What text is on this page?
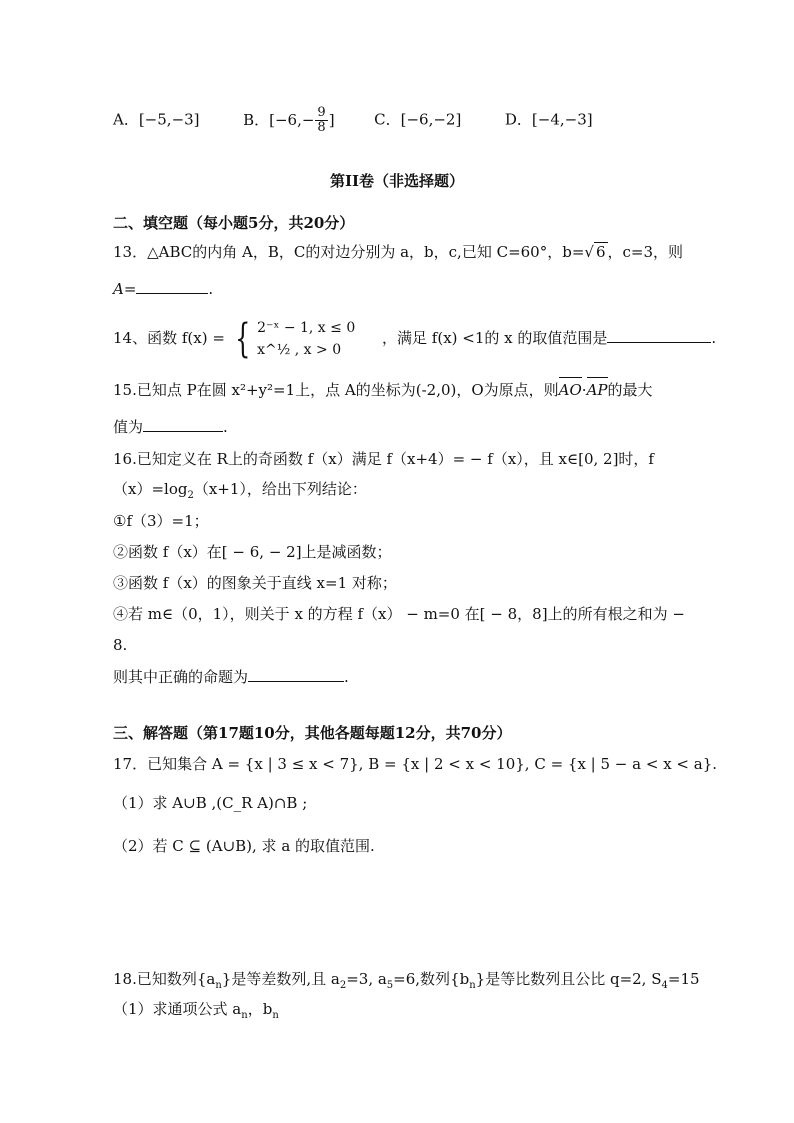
A．[−5,−3]	B．[$-6,- \frac{9}{8}$ ]	C．[−6,−2]	D．[−4,−3]
第II卷（非选择题）
二、填空题（每小题5分，共20分）
13．△ABC的内角 A，B，C的对边分别为 a，b，c,已知 C=60°，b=√ 6 ，c=3，则
A=	.
14、函数 f(x) = { 2⁻ˣ − 1, x ≤ 0
x^½ , x > 0
，满足 f(x) <1的 x 的取值范围是	.
15.已知点 P在圆 x²+y²=1上，点 A的坐标为(-2,0)，O为原点，则AO·AP的最大
值为	.
16.已知定义在 R上的奇函数 f（x）满足 f（x+4）= − f（x），且 x∈[0, 2]时，f
$(x)=\log_2(x+1)$，给出下列结论：
①f（3）=1；
②函数 f（x）在[ − 6, − 2]上是减函数；
③函数 f（x）的图象关于直线 x=1 对称；
④若 m∈（0，1），则关于 x 的方程 f（x） − m=0 在[ − 8，8]上的所有根之和为 −
8.
则其中正确的命题为	.
三、解答题（第17题10分，其他各题每题12分，共70分）
17．已知集合 A = {x | 3 ≤ x < 7}, B = {x | 2 < x < 10}, C = {x | 5 − a < x < a}.
（1）求 A∪B ,(C_R A)∩B ;
（2）若 C ⊆ (A∪B), 求 a 的取值范围.
18.已知数列$\{a_n\}$是等差数列,且 $a_2=3$, $a_5=6$,数列$\{b_n\}$是等比数列且公比 q=2, $S_4=15$
（1）求通项公式 $a_n$，$b_n$
